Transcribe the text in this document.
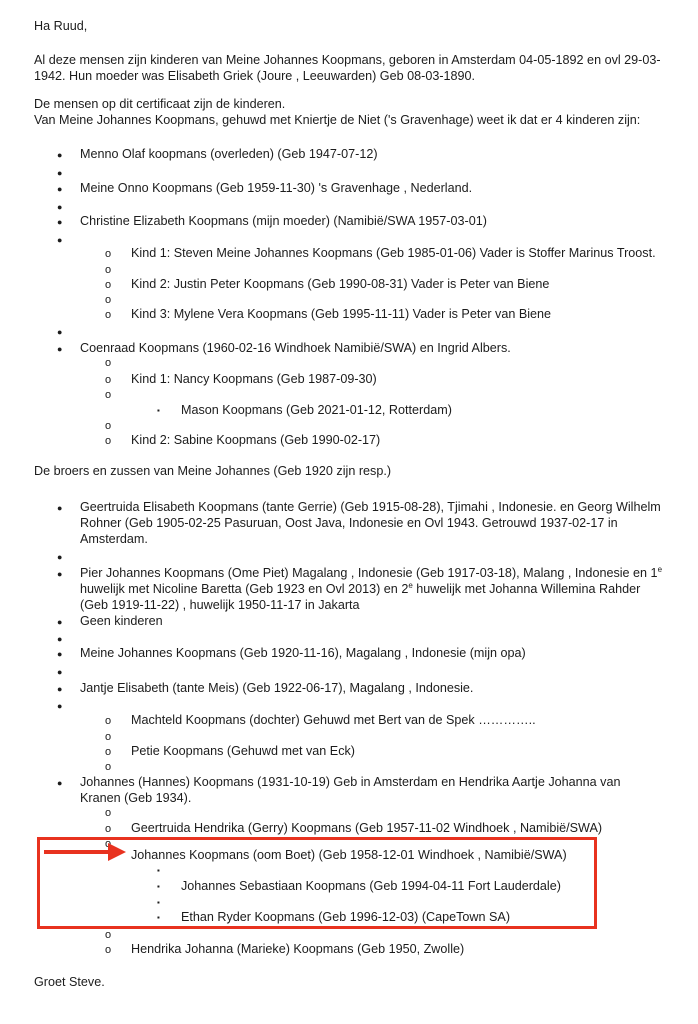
Ha Ruud,
Al deze mensen zijn kinderen van Meine Johannes Koopmans, geboren in Amsterdam 04-05-1892 en ovl 29-03-
1942. Hun moeder was Elisabeth Griek (Joure , Leeuwarden) Geb 08-03-1890.
De mensen op dit certificaat zijn de kinderen.
Van Meine Johannes Koopmans, gehuwd met Kniertje de Niet ('s Gravenhage) weet ik dat er 4 kinderen zijn:
● Menno Olaf koopmans (overleden) (Geb 1947-07-12)
●
● Meine Onno Koopmans (Geb 1959-11-30) 's Gravenhage , Nederland.
●
● Christine Elizabeth Koopmans (mijn moeder) (Namibië/SWA 1957-03-01)
●
o Kind 1: Steven Meine Johannes Koopmans (Geb 1985-01-06) Vader is Stoffer Marinus Troost.
o
o Kind 2: Justin Peter Koopmans (Geb 1990-08-31) Vader is Peter van Biene
o
o Kind 3: Mylene Vera Koopmans (Geb 1995-11-11) Vader is Peter van Biene
●
● Coenraad Koopmans (1960-02-16 Windhoek Namibië/SWA) en Ingrid Albers.
o
o Kind 1: Nancy Koopmans (Geb 1987-09-30)
o
▪ Mason Koopmans (Geb 2021-01-12, Rotterdam)
o
o Kind 2: Sabine Koopmans (Geb 1990-02-17)
De broers en zussen van Meine Johannes (Geb 1920 zijn resp.)
● Geertruida Elisabeth Koopmans (tante Gerrie) (Geb 1915-08-28), Tjimahi , Indonesie. en Georg Wilhelm
Rohner (Geb 1905-02-25 Pasuruan, Oost Java, Indonesie en Ovl 1943. Getrouwd 1937-02-17 in
Amsterdam.
●
● Pier Johannes Koopmans (Ome Piet) Magalang , Indonesie (Geb 1917-03-18), Malang , Indonesie en 1e
huwelijk met Nicoline Baretta (Geb 1923 en Ovl 2013) en 2e huwelijk met Johanna Willemina Rahder
(Geb 1919-11-22) , huwelijk 1950-11-17 in Jakarta
● Geen kinderen
●
● Meine Johannes Koopmans (Geb 1920-11-16), Magalang , Indonesie (mijn opa)
●
● Jantje Elisabeth (tante Meis) (Geb 1922-06-17), Magalang , Indonesie.
●
o Machteld Koopmans (dochter) Gehuwd met Bert van de Spek …………..
o
o Petie Koopmans (Gehuwd met van Eck)
o
● Johannes (Hannes) Koopmans (1931-10-19) Geb in Amsterdam en Hendrika Aartje Johanna van
Kranen (Geb 1934).
o
o Geertruida Hendrika (Gerry) Koopmans (Geb 1957-11-02 Windhoek , Namibië/SWA)
o
Johannes Koopmans (oom Boet) (Geb 1958-12-01 Windhoek , Namibië/SWA)
▪
▪ Johannes Sebastiaan Koopmans (Geb 1994-04-11 Fort Lauderdale)
▪
▪ Ethan Ryder Koopmans (Geb 1996-12-03) (CapeTown SA)
o
o Hendrika Johanna (Marieke) Koopmans (Geb 1950, Zwolle)
Groet Steve.
